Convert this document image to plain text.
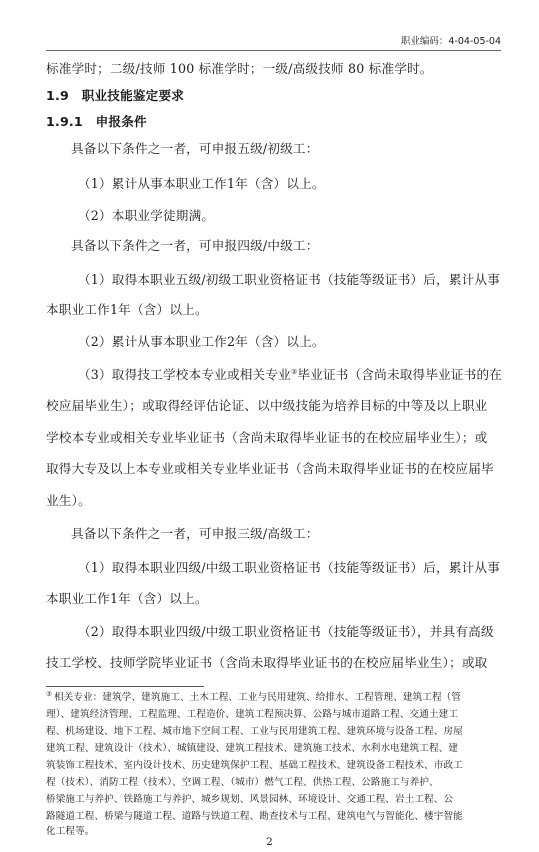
职业编码：4-04-05-04
标准学时；二级/技师 100 标准学时；一级/高级技师 80 标准学时。
1.9　职业技能鉴定要求
1.9.1　申报条件
具备以下条件之一者，可申报五级/初级工：
（1）累计从事本职业工作1年（含）以上。
（2）本职业学徒期满。
具备以下条件之一者，可申报四级/中级工：
（1）取得本职业五级/初级工职业资格证书（技能等级证书）后，累计从事
本职业工作1年（含）以上。
（2）累计从事本职业工作2年（含）以上。
（3）取得技工学校本专业或相关专业③毕业证书（含尚未取得毕业证书的在
校应届毕业生）；或取得经评估论证、以中级技能为培养目标的中等及以上职业
学校本专业或相关专业毕业证书（含尚未取得毕业证书的在校应届毕业生）；或
取得大专及以上本专业或相关专业毕业证书（含尚未取得毕业证书的在校应届毕
业生）。
具备以下条件之一者，可申报三级/高级工：
（1）取得本职业四级/中级工职业资格证书（技能等级证书）后，累计从事
本职业工作1年（含）以上。
（2）取得本职业四级/中级工职业资格证书（技能等级证书），并具有高级
技工学校、技师学院毕业证书（含尚未取得毕业证书的在校应届毕业生）；或取
③ 相关专业：建筑学、建筑施工、土木工程、工业与民用建筑、给排水、工程管理、建筑工程（管
理）、建筑经济管理、工程监理、工程造价、建筑工程预决算、公路与城市道路工程、交通土建工
程、机场建设、地下工程、城市地下空间工程、工业与民用建筑工程、建筑环境与设备工程、房屋
建筑工程、建筑设计（技术）、城镇建设、建筑工程技术、建筑施工技术、水利水电建筑工程、建
筑装饰工程技术、室内设计技术、历史建筑保护工程、基础工程技术、建筑设备工程技术、市政工
程（技术）、消防工程（技术）、空调工程、（城市）燃气工程、供热工程、公路施工与养护、
桥梁施工与养护、铁路施工与养护、城乡规划、风景园林、环境设计、交通工程、岩土工程、公
路隧道工程、桥梁与隧道工程、道路与铁道工程、勘查技术与工程、建筑电气与智能化、楼宇智能
化工程等。
2
